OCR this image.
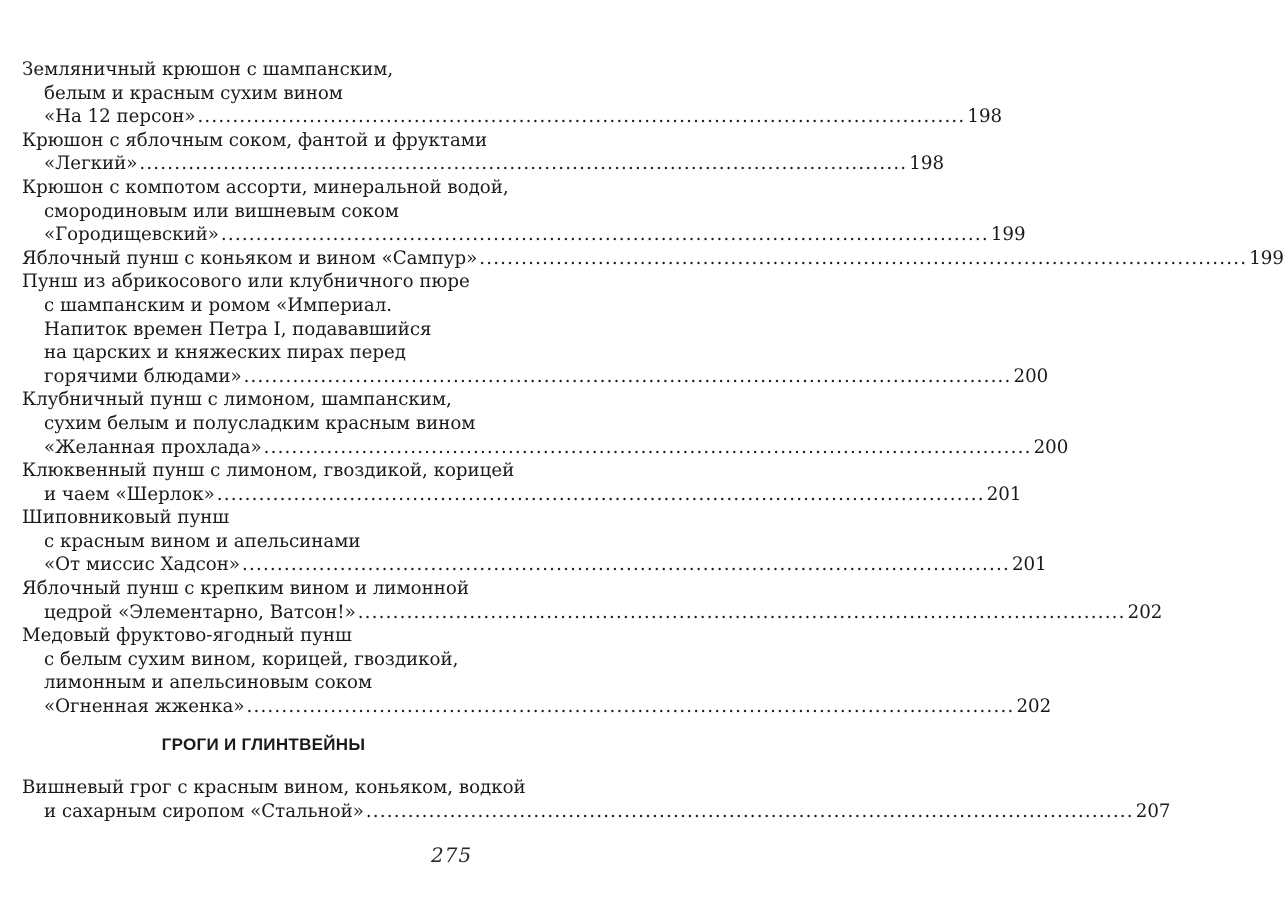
Земляничный крюшон с шампанским,
белым и красным сухим вином
«На 12 персон» .............................................................................................................. 198
Крюшон с яблочным соком, фантой и фруктами
«Легкий» .............................................................................................................. 198
Крюшон с компотом ассорти, минеральной водой,
смородиновым или вишневым соком
«Городищевский» .............................................................................................................. 199
Яблочный пунш с коньяком и вином «Сампур» .............................................................................................................. 199
Пунш из абрикосового или клубничного пюре
с шампанским и ромом «Империал.
Напиток времен Петра I, подававшийся
на царских и княжеских пирах перед
горячими блюдами» .............................................................................................................. 200
Клубничный пунш с лимоном, шампанским,
сухим белым и полусладким красным вином
«Желанная прохлада» .............................................................................................................. 200
Клюквенный пунш с лимоном, гвоздикой, корицей
и чаем «Шерлок» .............................................................................................................. 201
Шиповниковый пунш
с красным вином и апельсинами
«От миссис Хадсон» .............................................................................................................. 201
Яблочный пунш с крепким вином и лимонной
цедрой «Элементарно, Ватсон!» .............................................................................................................. 202
Медовый фруктово-ягодный пунш
с белым сухим вином, корицей, гвоздикой,
лимонным и апельсиновым соком
«Огненная жженка» .............................................................................................................. 202
ГРОГИ И ГЛИНТВЕЙНЫ
Вишневый грог с красным вином, коньяком, водкой
и сахарным сиропом «Стальной» .............................................................................................................. 207
275
